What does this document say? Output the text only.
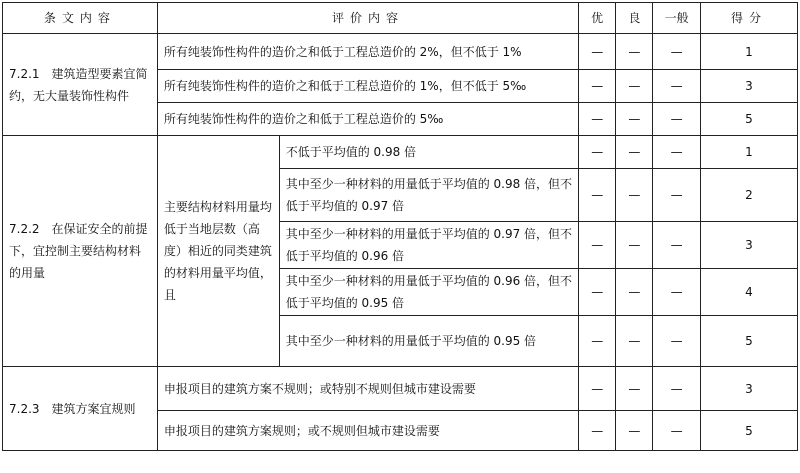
条文内容	评价内容		优	良	一般	得分
7.2.1　建筑造型要素宜简约，无大量装饰性构件	所有纯装饰性构件的造价之和低于工程总造价的 2%，但不低于 1%		—	—	—	1
	所有纯装饰性构件的造价之和低于工程总造价的 1%，但不低于 5‰		—	—	—	3
	所有纯装饰性构件的造价之和低于工程总造价的 5‰		—	—	—	5
7.2.2　在保证安全的前提下，宜控制主要结构材料的用量	主要结构材料用量均低于当地层数（高度）相近的同类建筑的材料用量平均值，且	不低于平均值的 0.98 倍	—	—	—	1
		其中至少一种材料的用量低于平均值的 0.98 倍，但不低于平均值的 0.97 倍	—	—	—	2
		其中至少一种材料的用量低于平均值的 0.97 倍，但不低于平均值的 0.96 倍	—	—	—	3
		其中至少一种材料的用量低于平均值的 0.96 倍，但不低于平均值的 0.95 倍	—	—	—	4
		其中至少一种材料的用量低于平均值的 0.95 倍	—	—	—	5
7.2.3　建筑方案宜规则	申报项目的建筑方案不规则；或特别不规则但城市建设需要		—	—	—	3
	申报项目的建筑方案规则；或不规则但城市建设需要		—	—	—	5
